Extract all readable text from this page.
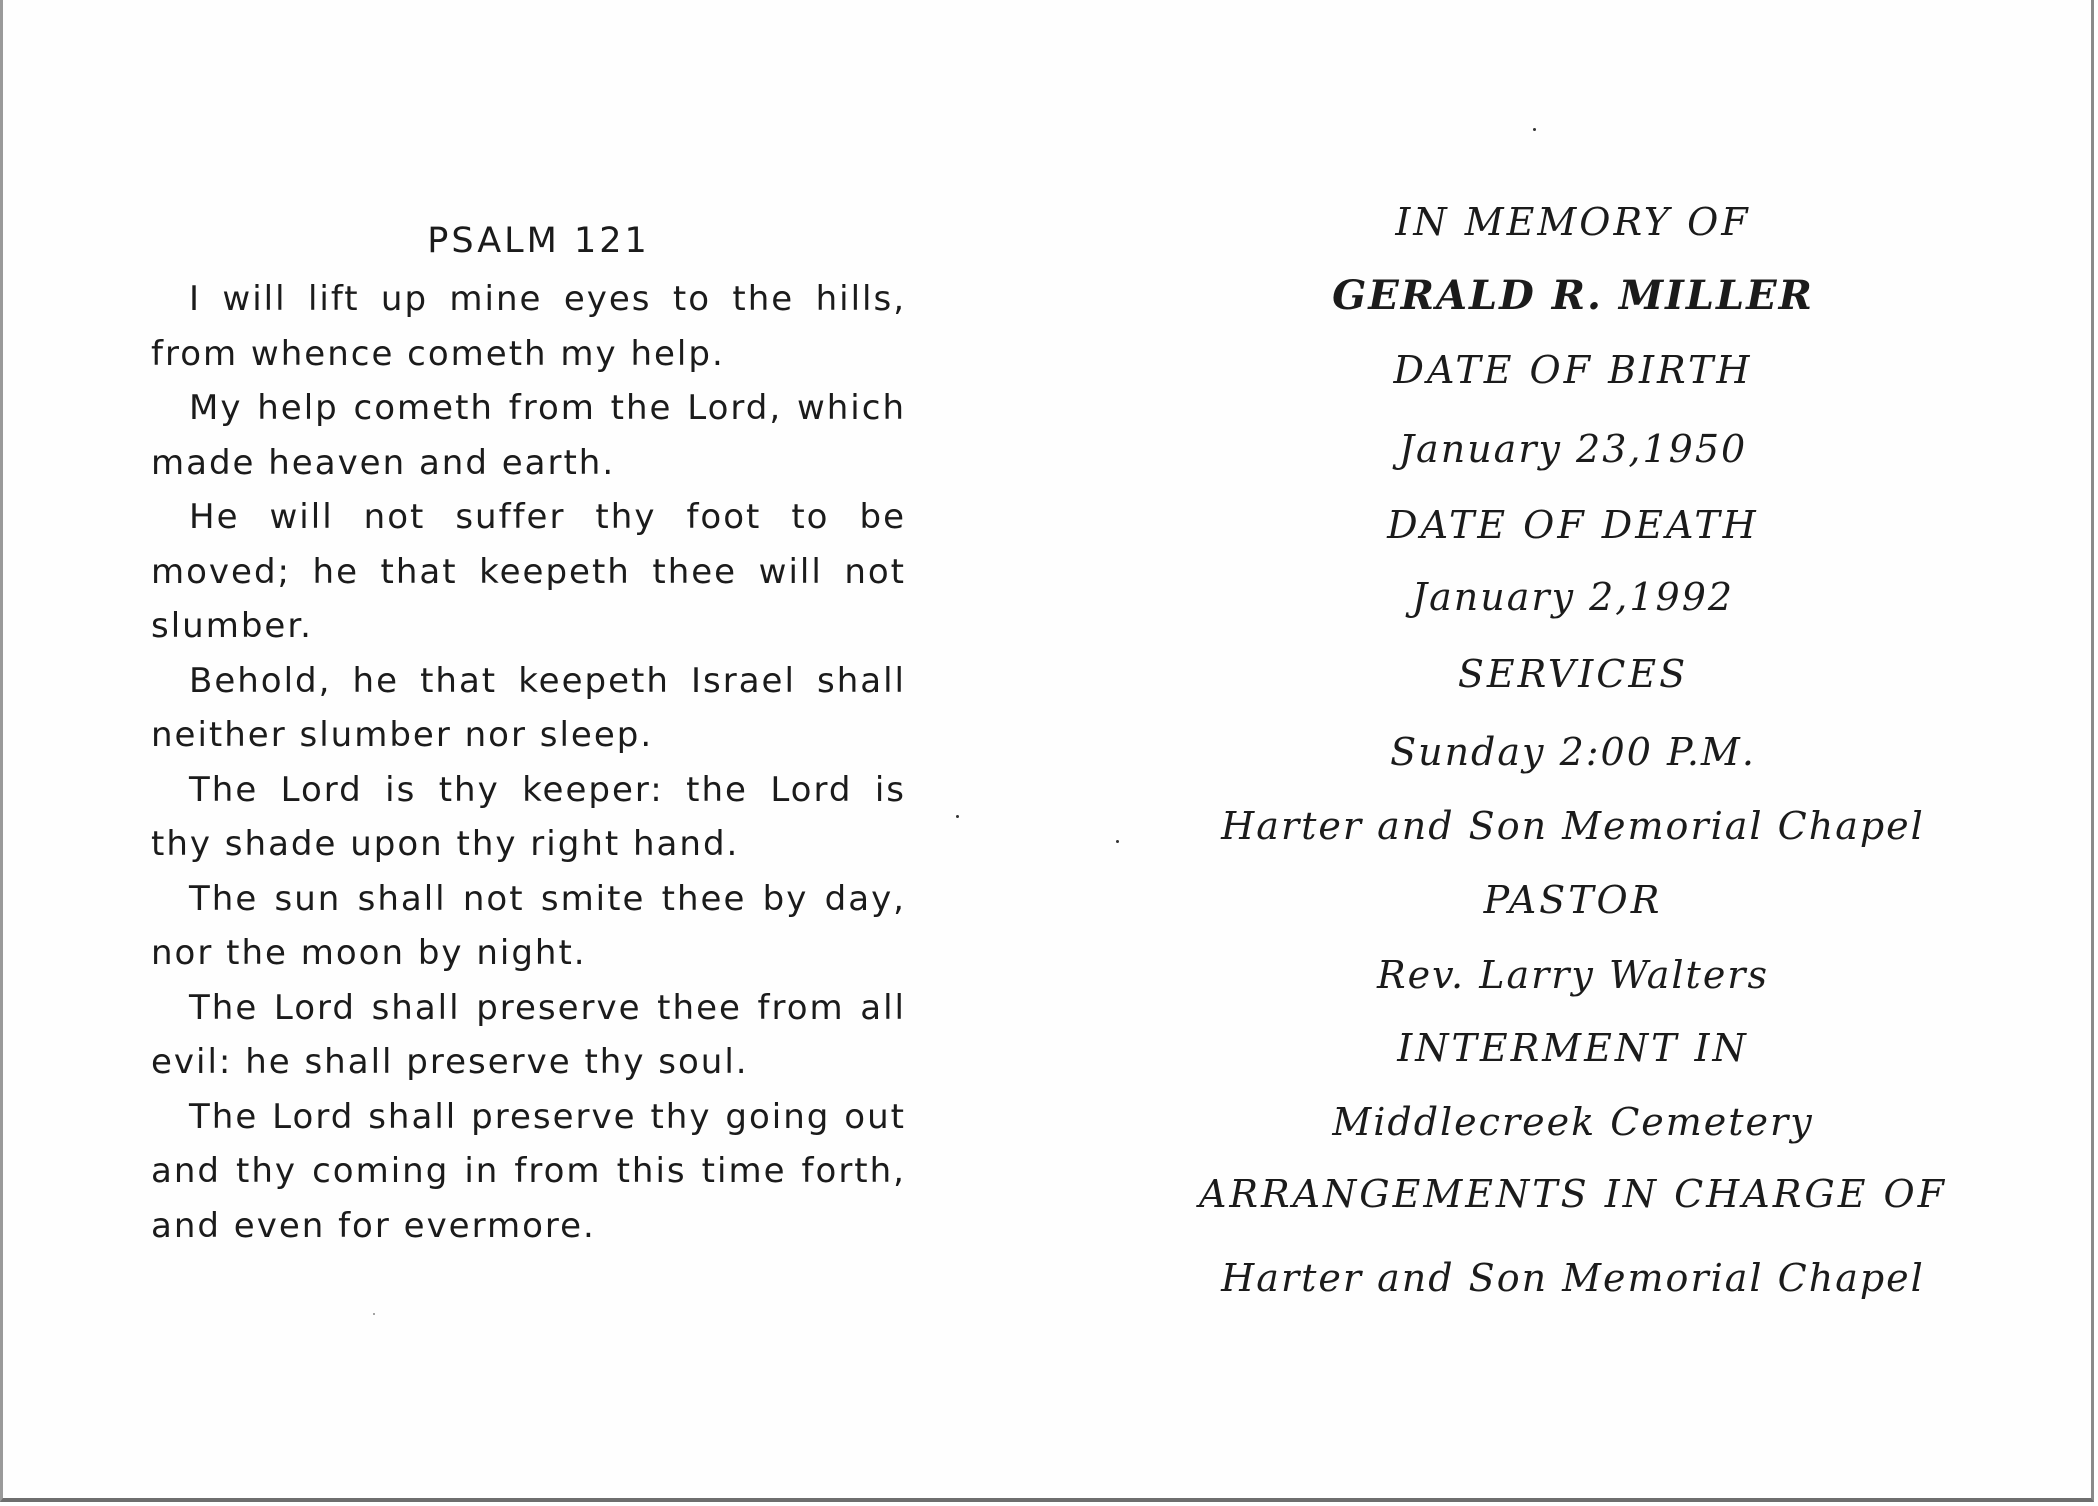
PSALM 121

I will lift up mine eyes to the hills, from whence cometh my help.

My help cometh from the Lord, which made heaven and earth.

He will not suffer thy foot to be moved; he that keepeth thee will not slumber.

Behold, he that keepeth Israel shall neither slumber nor sleep.

The Lord is thy keeper: the Lord is thy shade upon thy right hand.

The sun shall not smite thee by day, nor the moon by night.

The Lord shall preserve thee from all evil: he shall preserve thy soul.

The Lord shall preserve thy going out and thy coming in from this time forth, and even for evermore.

IN MEMORY OF
GERALD R. MILLER
DATE OF BIRTH
January 23,1950
DATE OF DEATH
January 2,1992
SERVICES
Sunday 2:00 P.M.
Harter and Son Memorial Chapel
PASTOR
Rev. Larry Walters
INTERMENT IN
Middlecreek Cemetery
ARRANGEMENTS IN CHARGE OF
Harter and Son Memorial Chapel
